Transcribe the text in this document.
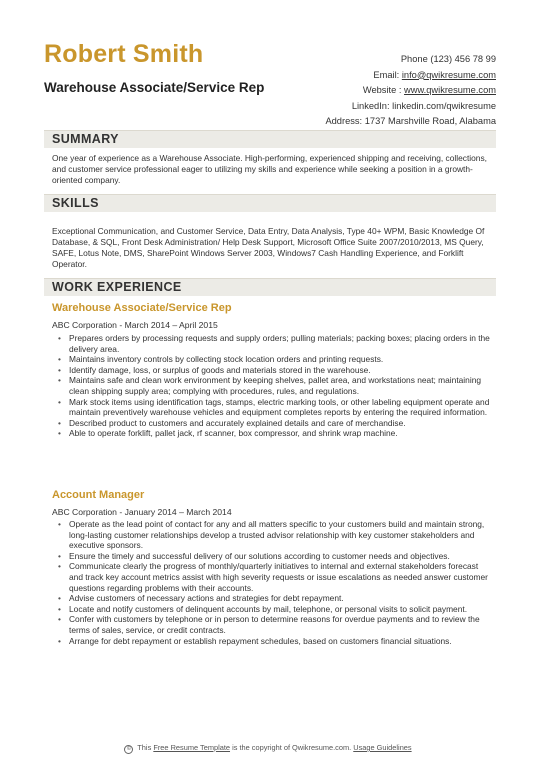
Robert Smith
Warehouse Associate/Service Rep
Phone (123) 456 78 99
Email: info@qwikresume.com
Website : www.qwikresume.com
LinkedIn: linkedin.com/qwikresume
Address: 1737 Marshville Road, Alabama
SUMMARY

One year of experience as a Warehouse Associate. High-performing, experienced shipping and receiving, collections, and customer service professional eager to utilizing my skills and experience while seeking a position in a growth-oriented company.

SKILLS

Exceptional Communication, and Customer Service, Data Entry, Data Analysis, Type 40+ WPM, Basic Knowledge Of Database, & SQL, Front Desk Administration/ Help Desk Support, Microsoft Office Suite 2007/2010/2013, MS Query, SAFE, Lotus Note, DMS, SharePoint Windows Server 2003, Windows7 Cash Handling Experience, and Forklift Operator.

WORK EXPERIENCE

Warehouse Associate/Service Rep

ABC Corporation - March 2014 – April 2015

• Prepares orders by processing requests and supply orders; pulling materials; packing boxes; placing orders in the delivery area.
• Maintains inventory controls by collecting stock location orders and printing requests.
• Identify damage, loss, or surplus of goods and materials stored in the warehouse.
• Maintains safe and clean work environment by keeping shelves, pallet area, and workstations neat; maintaining clean shipping supply area; complying with procedures, rules, and regulations.
• Mark stock items using identification tags, stamps, electric marking tools, or other labeling equipment operate and maintain preventively warehouse vehicles and equipment completes reports by entering the required information.
• Described product to customers and accurately explained details and care of merchandise.
• Able to operate forklift, pallet jack, rf scanner, box compressor, and shrink wrap machine.

Account Manager

ABC Corporation - January 2014 – March 2014

• Operate as the lead point of contact for any and all matters specific to your customers build and maintain strong, long-lasting customer relationships develop a trusted advisor relationship with key customer stakeholders and executive sponsors.
• Ensure the timely and successful delivery of our solutions according to customer needs and objectives.
• Communicate clearly the progress of monthly/quarterly initiatives to internal and external stakeholders forecast and track key account metrics assist with high severity requests or issue escalations as needed answer customer questions regarding problems with their accounts.
• Advise customers of necessary actions and strategies for debt repayment.
• Locate and notify customers of delinquent accounts by mail, telephone, or personal visits to solicit payment.
• Confer with customers by telephone or in person to determine reasons for overdue payments and to review the terms of sales, service, or credit contracts.
• Arrange for debt repayment or establish repayment schedules, based on customers financial situations.
© This Free Resume Template is the copyright of Qwikresume.com. Usage Guidelines
